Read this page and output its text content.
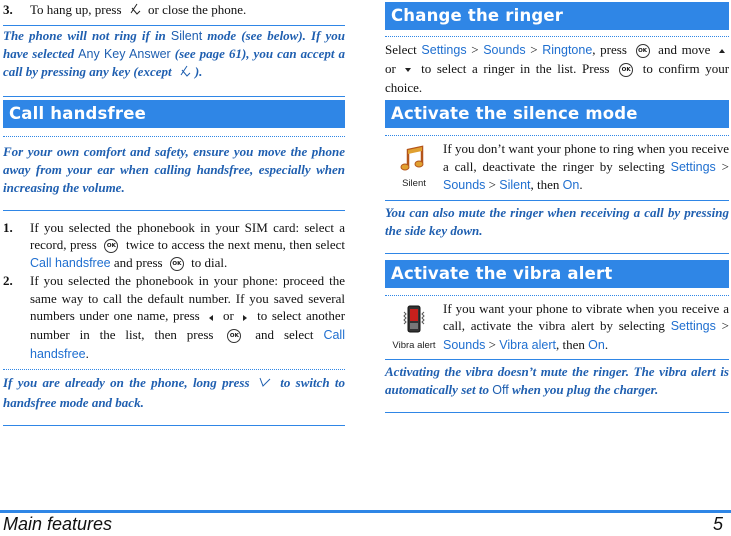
3. To hang up, press or close the phone.

The phone will not ring if in Silent mode (see below). If you have selected Any Key Answer (see page 61), you can accept a call by pressing any key (except ).

Call handsfree

For your own comfort and safety, ensure you move the phone away from your ear when calling handsfree, especially when increasing the volume.

1. If you selected the phonebook in your SIM card: select a record, press OK twice to access the next menu, then select Call handsfree and press OK to dial.
2. If you selected the phonebook in your phone: proceed the same way to call the default number. If you saved several numbers under one name, press or to select another number in the list, then press	OK and select Call handsfree.

If you are already on the phone, long press to switch to handsfree mode and back.

Change the ringer

Select Settings > Sounds > Ringtone, press OK and move  or to select a ringer in the list. Press OK to confirm your choice.

Activate the silence mode
Silent

If you don’t want your phone to ring when you receive a call, deactivate the ringer by selecting Settings > Sounds > Silent, then On.

You can also mute the ringer when receiving a call by pressing the side key down.

Activate the vibra alert
Vibra alert

If you want your phone to vibrate when you receive a call, activate the vibra alert by selecting Settings > Sounds > Vibra alert, then On.

Activating the vibra doesn’t mute the ringer. The vibra alert is automatically set to Off when you plug the charger.

Main features	5
